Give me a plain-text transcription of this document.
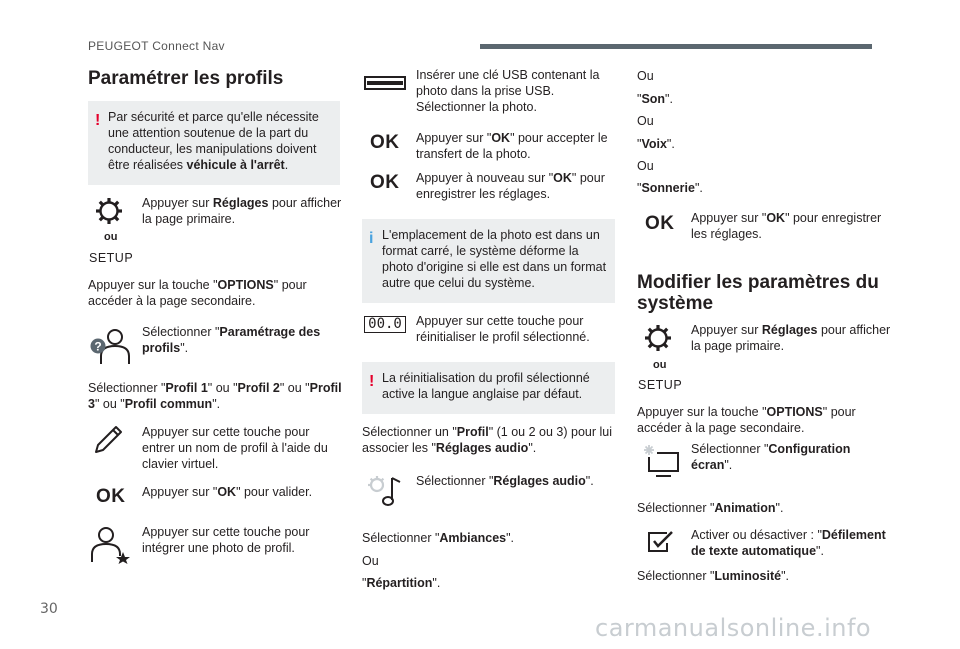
PEUGEOT Connect Nav
Paramétrer les profils
! Par sécurité et parce qu'elle nécessite une attention soutenue de la part du conducteur, les manipulations doivent être réalisées véhicule à l'arrêt.
ou
SETUP
Appuyer sur Réglages pour afficher la page primaire.
Appuyer sur la touche "OPTIONS" pour accéder à la page secondaire.
?
Sélectionner "Paramétrage des profils".
Sélectionner "Profil 1" ou "Profil 2" ou "Profil 3" ou "Profil commun".
Appuyer sur cette touche pour entrer un nom de profil à l'aide du clavier virtuel.
OK Appuyer sur "OK" pour valider.
Appuyer sur cette touche pour intégrer une photo de profil.
Insérer une clé USB contenant la photo dans la prise USB. Sélectionner la photo.
OK Appuyer sur "OK" pour accepter le transfert de la photo.
OK Appuyer à nouveau sur "OK" pour enregistrer les réglages.
i L'emplacement de la photo est dans un format carré, le système déforme la photo d'origine si elle est dans un format autre que celui du système.
00.0	Appuyer sur cette touche pour réinitialiser le profil sélectionné.
! La réinitialisation du profil sélectionné active la langue anglaise par défaut.
Sélectionner un "Profil" (1 ou 2 ou 3) pour lui associer les "Réglages audio".
Sélectionner "Réglages audio".
Sélectionner "Ambiances".
Ou
"Répartition".
Ou
"Son".
Ou
"Voix".
Ou
"Sonnerie".
OK Appuyer sur "OK" pour enregistrer les réglages.
Modifier les paramètres du système
ou
SETUP
Appuyer sur Réglages pour afficher la page primaire.
Appuyer sur la touche "OPTIONS" pour accéder à la page secondaire.
Sélectionner "Configuration écran".
Sélectionner "Animation".
Activer ou désactiver : "Défilement de texte automatique".
Sélectionner "Luminosité".
30
carmanualsonline.info
